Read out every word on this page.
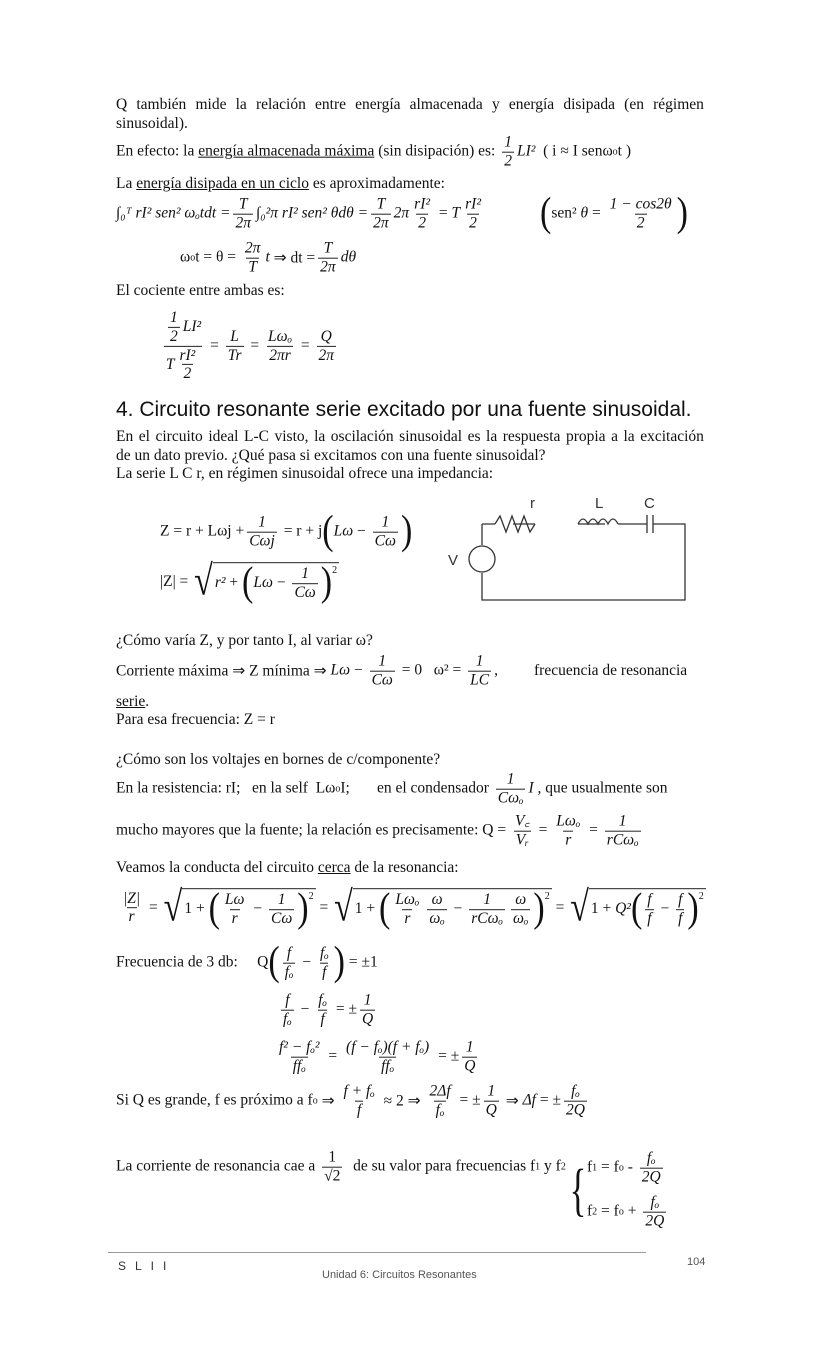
Q también mide la relación entre energía almacenada y energía disipada (en régimen
sinusoidal).
En efecto: la energía almacenada máxima (sin disipación) es: $\frac{1}{2} LI^2$ ( i ≈ I senω o t )
La energía disipada en un ciclo es aproximadamente:
∫₀ᵀ rI² sen² $\omega_otdt = \frac{T}{2\pi} \int_0^2\pi$ rI² sen² $\theta d\theta = \frac{T}{2\pi} 2\pi \frac{\text{rI²}}{2} = T \frac{\text{rI²}}{2}$ ( sen² $\theta = \frac{1 - \cos 2\theta}{2}$ )
ω o $t = \theta = \frac{2\pi}{T}$ t ⇒ dt = $\frac{T}{2\pi}$ dθ
El cociente entre ambas es:
$\frac{\frac{1}{2} LI^2}{T \frac{\text{rI²}}{2}} = \frac{L}{Tr} = \frac{\text{Lωₒ}}{2\pi r} = \frac{Q}{2\pi}$
4. Circuito resonante serie excitado por una fuente sinusoidal.
En el circuito ideal L-C visto, la oscilación sinusoidal es la respuesta propia a la excitación
de un dato previo. ¿Qué pasa si excitamos con una fuente sinusoidal?
La serie L C r, en régimen sinusoidal ofrece una impedancia:
$Z = r + L\omega j + \frac{1}{\text{Cωj}} = r + j$ ( $L\omega - \frac{1}{C\omega}$ )
|Z| = √ r² + ( $L\omega - \frac{1}{C\omega} )^2$
r	L	C
V
¿Cómo varía Z, y por tanto I, al variar ω?
Corriente máxima ⇒ Z mínima ⇒ $L\omega - \frac{1}{C\omega} = 0$   $\omega^2 = \frac{1}{LC}$ , frecuencia de resonancia
serie .
Para esa frecuencia: Z = r
¿Cómo son los voltajes en bornes de c/componente?
En la resistencia: rI;   en la self  Lω o I;       en el condensador $\frac{1}{\text{Cωₒ}}$ I , que usualmente son
mucho mayores que la fuente; la relación es precisamente: $Q = \frac{V꜀}{\text{Vᵣ}} = \frac{\text{Lωₒ}}{r} = \frac{1}{\text{rCωₒ}}$
Veamos la conducta del circuito cerca de la resonancia:
$\frac{|Z|}{r}$ = √ 1 + ( $\frac{L\omega}{r} - \frac{1}{C\omega} )^2$
= √ 1 + ( $\frac{\text{Lωₒ}}{r} \frac{\omega}{\text{ωₒ}} - \frac{1}{\text{rCωₒ}} \frac{\omega}{\text{ωₒ}} )^2$
= √ 1 + Q² ( $\frac{f}{f} - \frac{f}{f} )^2$
Frecuencia de 3 db:     Q ( $\frac{f}{\text{fₒ}} - \frac{\text{fₒ}}{f}$ ) = ±1
$\frac{f}{\text{fₒ}} - \frac{\text{fₒ}}{f}$ = ± $\frac{1}{Q}$
$\frac{\text{f² − fₒ²}}{\text{ffₒ}} = \frac{\text{(f − fₒ)(f + fₒ)}}{\text{ffₒ}}$ = ± $\frac{1}{Q}$
Si Q es grande, f es próximo a f o ⇒ $\frac{\text{f + fₒ}}{f} \approx 2$ ⇒ $\frac{2\Delta f}{\text{fₒ}}$ = ± $\frac{1}{Q}$ ⇒ Δf = ± $\frac{\text{fₒ}}{2Q}$
La corriente de resonancia cae a $\frac{1}{√2}$ de su valor para frecuencias f 1 y f 2 { f 1 = f o - $\frac{\text{fₒ}}{2Q}$
f 2 = f $o + \frac{\text{fₒ}}{2Q}$
SLII	104
Unidad 6: Circuitos Resonantes
